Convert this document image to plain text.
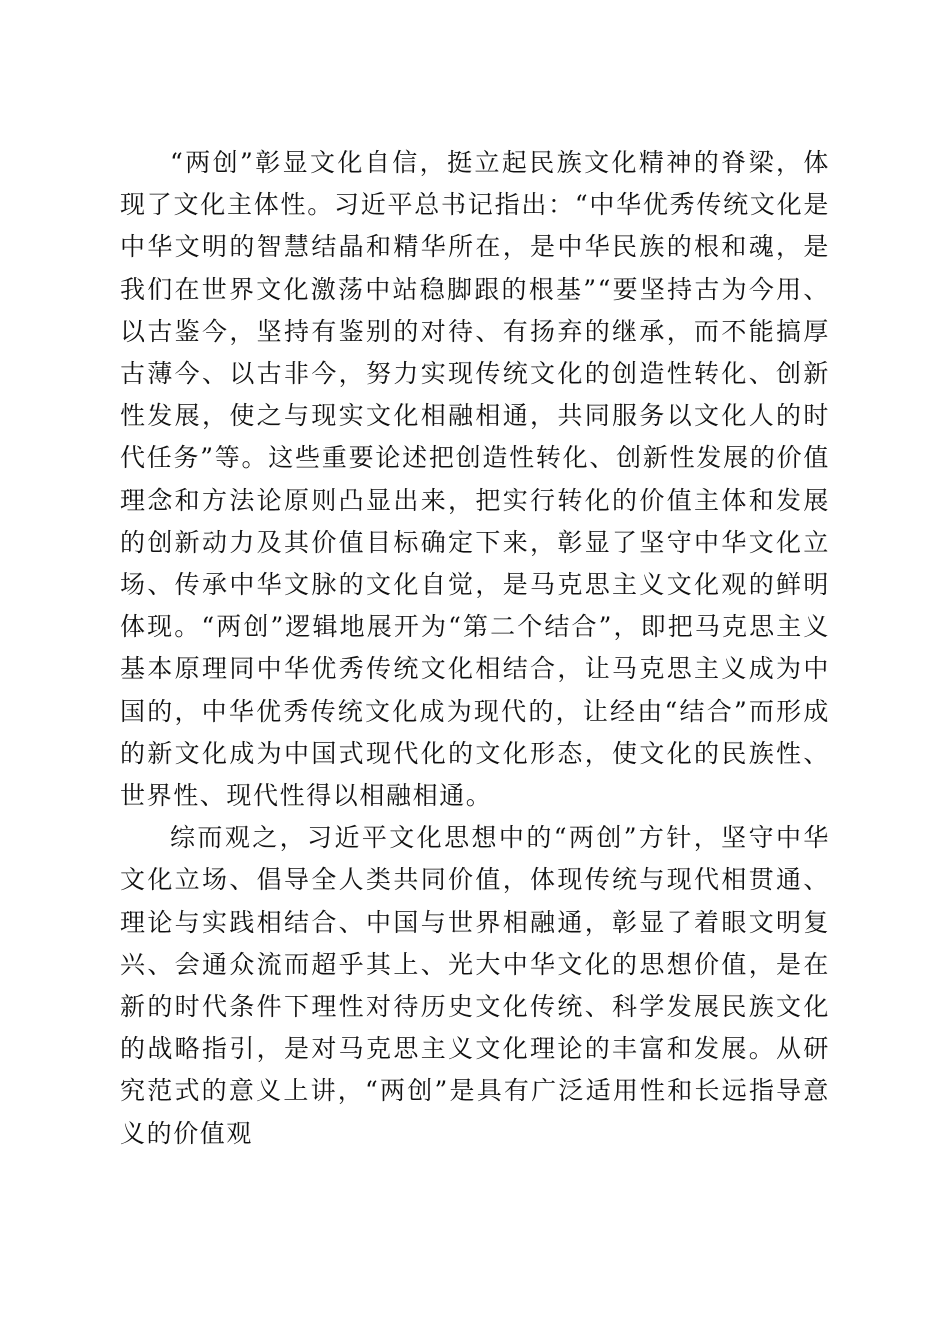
“两创”彰显文化自信，挺立起民族文化精神的脊梁，体现了文化主体性。习近平总书记指出：“中华优秀传统文化是中华文明的智慧结晶和精华所在，是中华民族的根和魂，是我们在世界文化激荡中站稳脚跟的根基”“要坚持古为今用、以古鉴今，坚持有鉴别的对待、有扬弃的继承，而不能搞厚古薄今、以古非今，努力实现传统文化的创造性转化、创新性发展，使之与现实文化相融相通，共同服务以文化人的时代任务”等。这些重要论述把创造性转化、创新性发展的价值理念和方法论原则凸显出来，把实行转化的价值主体和发展的创新动力及其价值目标确定下来，彰显了坚守中华文化立场、传承中华文脉的文化自觉，是马克思主义文化观的鲜明体现。“两创”逻辑地展开为“第二个结合”，即把马克思主义基本原理同中华优秀传统文化相结合，让马克思主义成为中国的，中华优秀传统文化成为现代的，让经由“结合”而形成的新文化成为中国式现代化的文化形态，使文化的民族性、世界性、现代性得以相融相通。

综而观之，习近平文化思想中的“两创”方针，坚守中华文化立场、倡导全人类共同价值，体现传统与现代相贯通、理论与实践相结合、中国与世界相融通，彰显了着眼文明复兴、会通众流而超乎其上、光大中华文化的思想价值，是在新的时代条件下理性对待历史文化传统、科学发展民族文化的战略指引，是对马克思主义文化理论的丰富和发展。从研究范式的意义上讲，“两创”是具有广泛适用性和长远指导意义的价值观
